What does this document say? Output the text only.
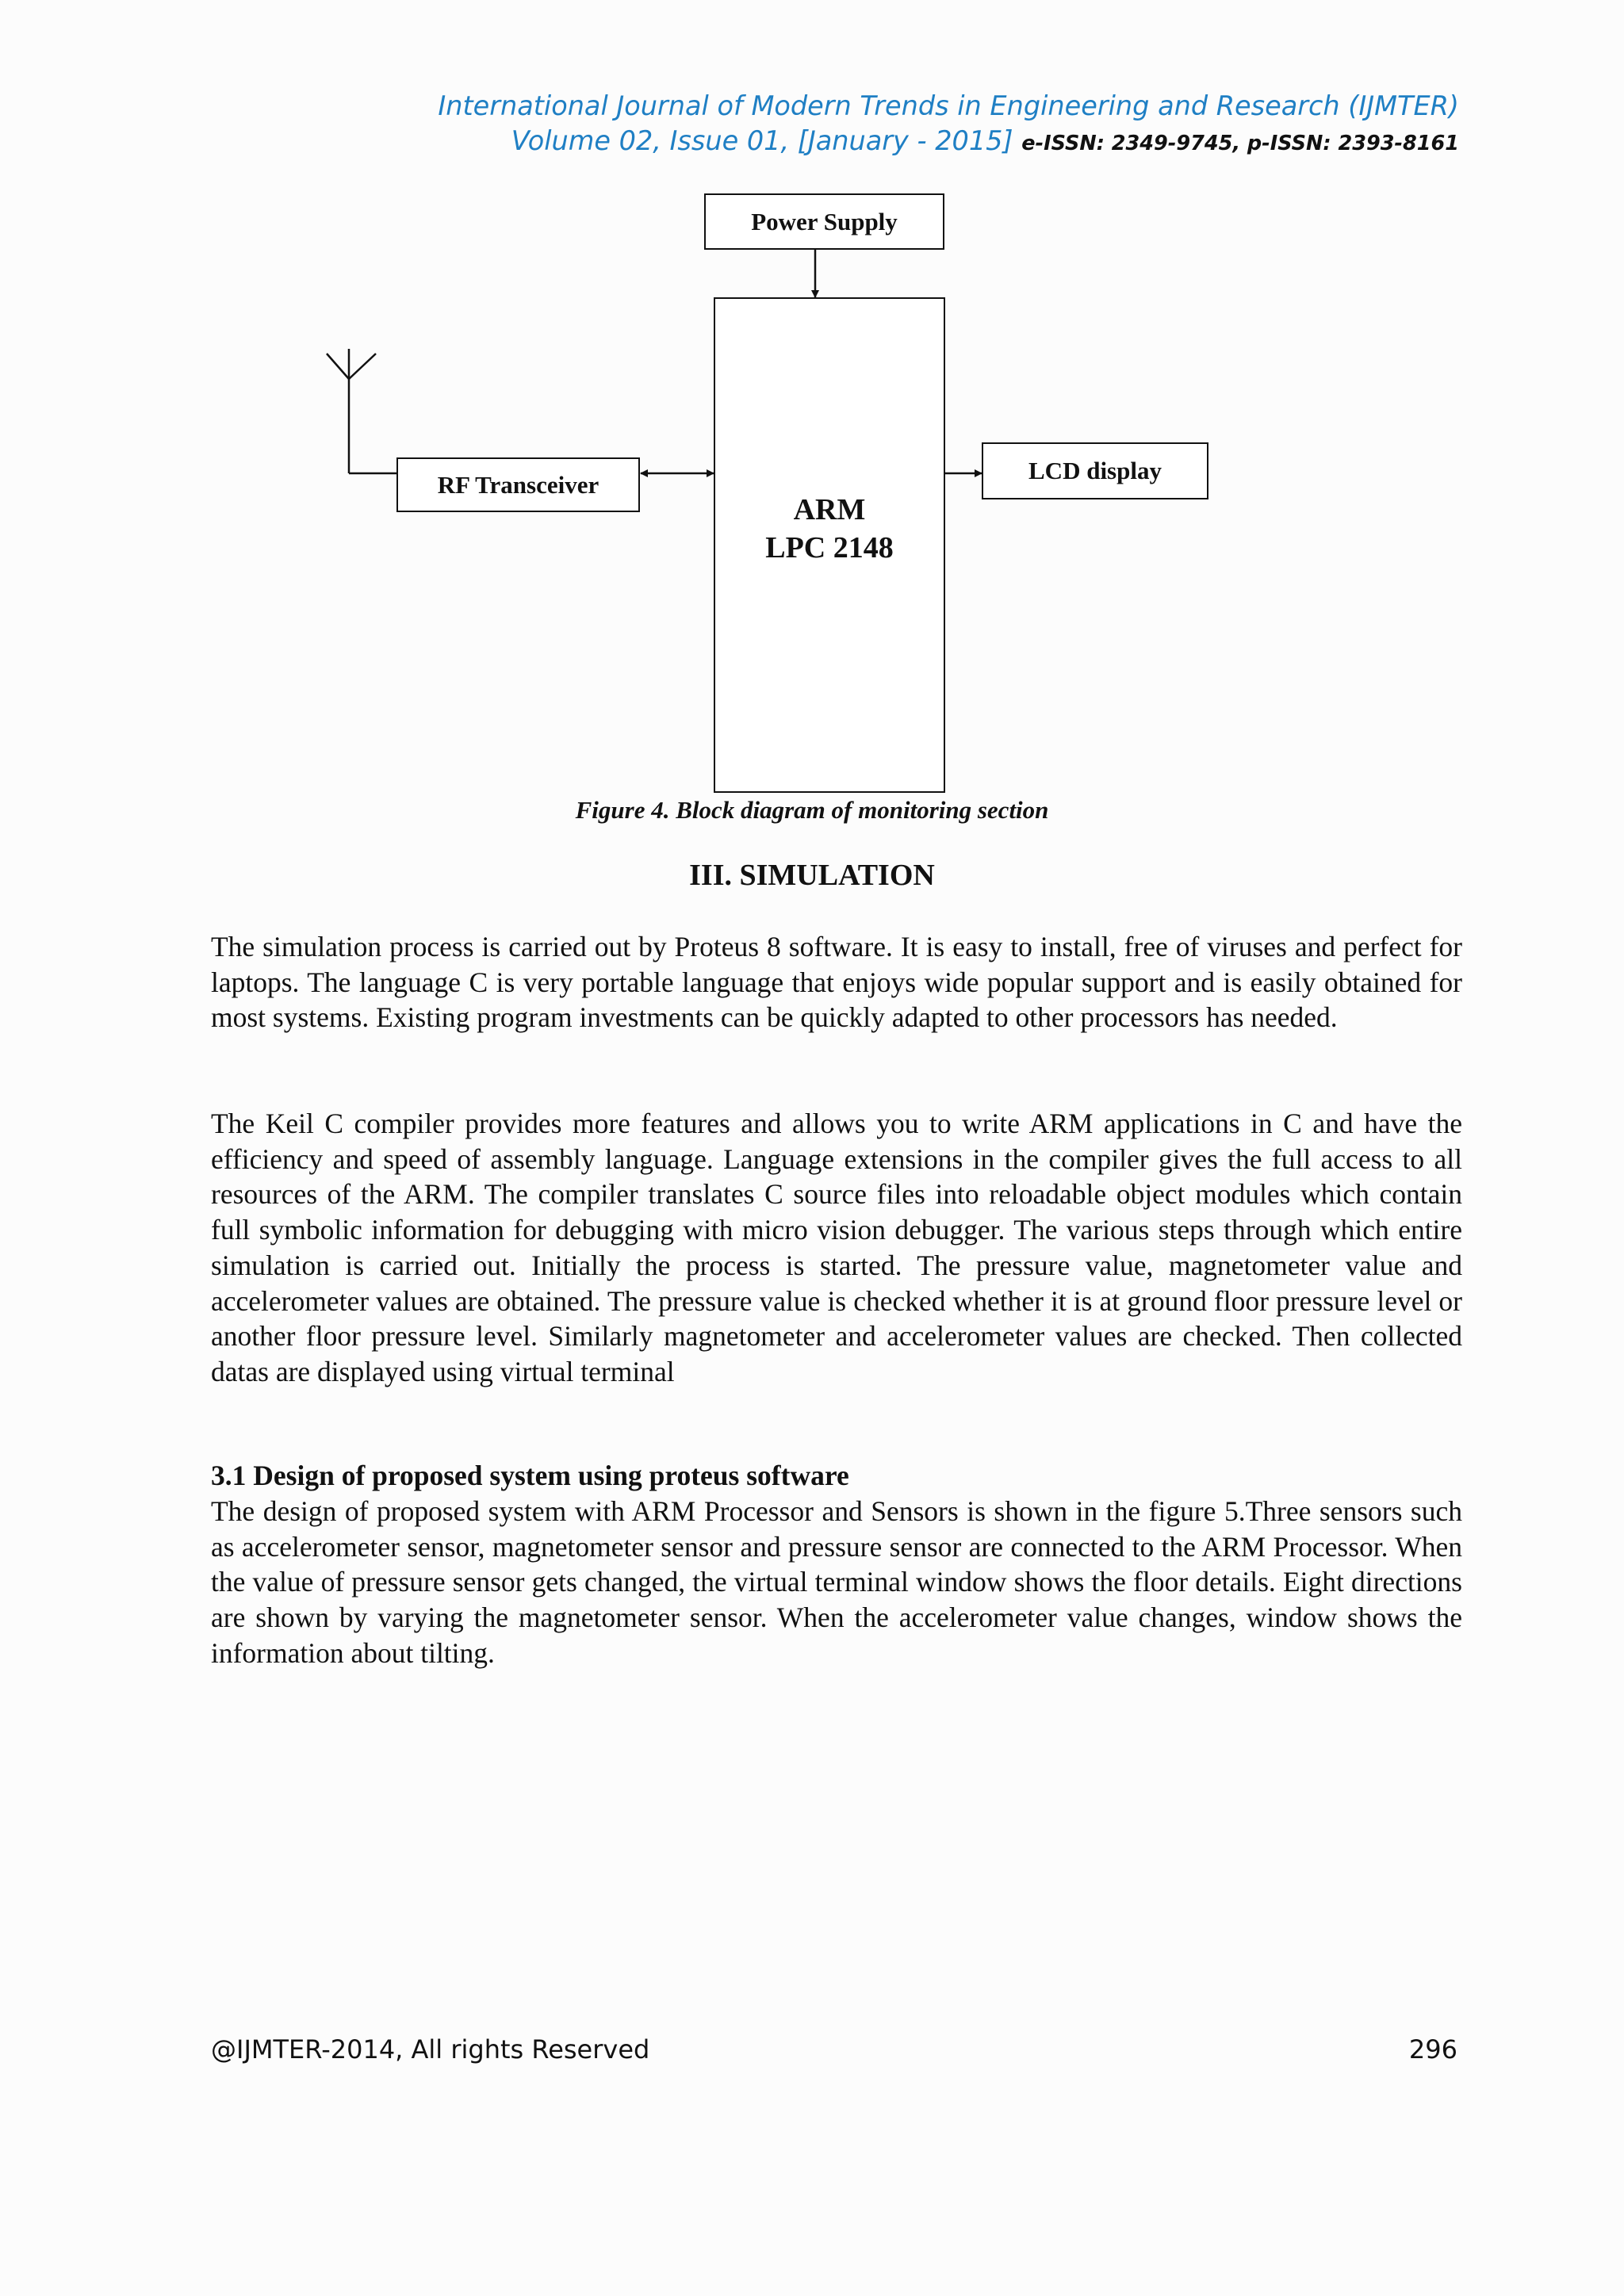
International Journal of Modern Trends in Engineering and Research (IJMTER)
Volume 02, Issue 01, [January - 2015] e-ISSN: 2349-9745, p-ISSN: 2393-8161
Power Supply
ARM
LPC 2148
RF Transceiver	LCD display
Figure 4. Block diagram of monitoring section
III. SIMULATION

The simulation process is carried out by Proteus 8 software. It is easy to install, free of viruses and perfect for laptops. The language C is very portable language that enjoys wide popular support and is easily obtained for most systems. Existing program investments can be quickly adapted to other processors has needed.

The Keil C compiler provides more features and allows you to write ARM applications in C and have the efficiency and speed of assembly language. Language extensions in the compiler gives the full access to all resources of the ARM. The compiler translates C source files into reloadable object modules which contain full symbolic information for debugging with micro vision debugger. The various steps through which entire simulation is carried out. Initially the process is started. The pressure value, magnetometer value and accelerometer values are obtained. The pressure value is checked whether it is at ground floor pressure level or another floor pressure level. Similarly magnetometer and accelerometer values are checked. Then collected datas are displayed using virtual terminal

3.1 Design of proposed system using proteus software

The design of proposed system with ARM Processor and Sensors is shown in the figure 5.Three sensors such as accelerometer sensor, magnetometer sensor and pressure sensor are connected to the ARM Processor. When the value of pressure sensor gets changed, the virtual terminal window shows the floor details. Eight directions are shown by varying the magnetometer sensor. When the accelerometer value changes, window shows the information about tilting.

@IJMTER-2014, All rights Reserved	296
